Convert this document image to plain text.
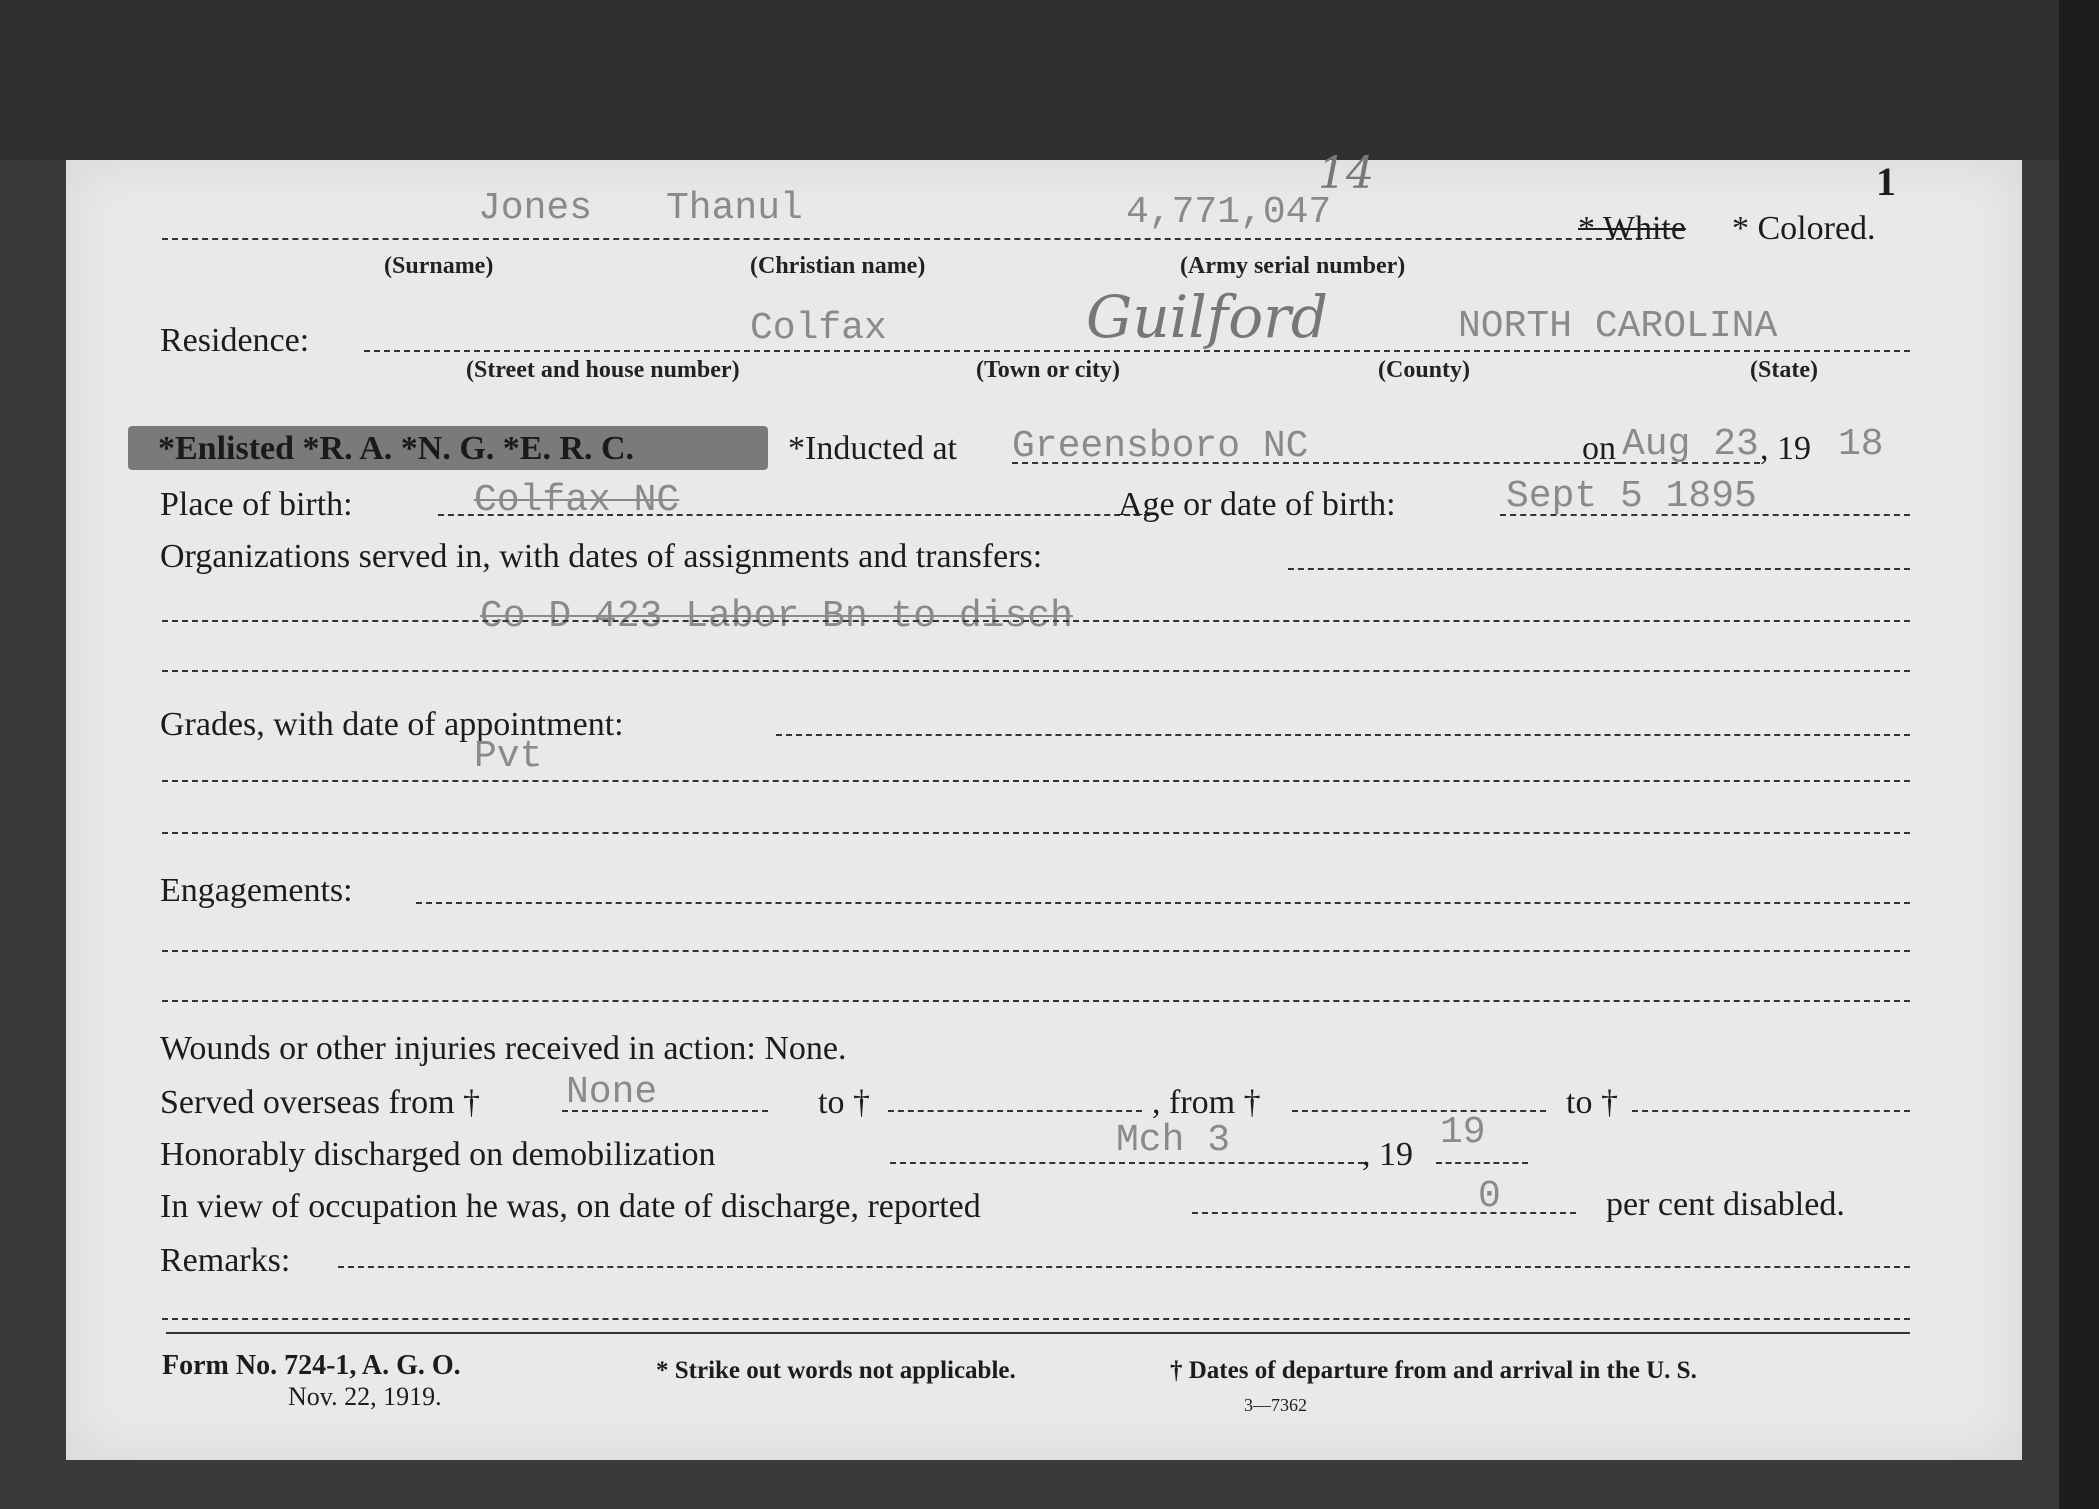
1
Jones Thanul	4,771,047
14
* White * Colored.
(Surname)	(Christian name)	(Army serial number)
Residence:	Colfax	Guilford	NORTH CAROLINA
(Street and house number)	(Town or city)	(County)	(State)
*Enlisted *R. A. *N. G. *E. R. C.	*Inducted at Greensboro NC	on Aug 23 , 19 18
Place of birth:	Colfax NC	Age or date of birth:	Sept 5 1895
Organizations served in, with dates of assignments and transfers:
Co D 423 Labor Bn to disch
Grades, with date of appointment:
Pvt
Engagements:
Wounds or other injuries received in action: None.
Served overseas from † None	to †	, from †	to †
Honorably discharged on demobilization	Mch 3	, 19
19
In view of occupation he was, on date of discharge, reported	0	per cent disabled.
Remarks:
Form No. 724-1, A. G. O.
Nov. 22, 1919.
* Strike out words not applicable.	† Dates of departure from and arrival in the U. S.
3—7362
